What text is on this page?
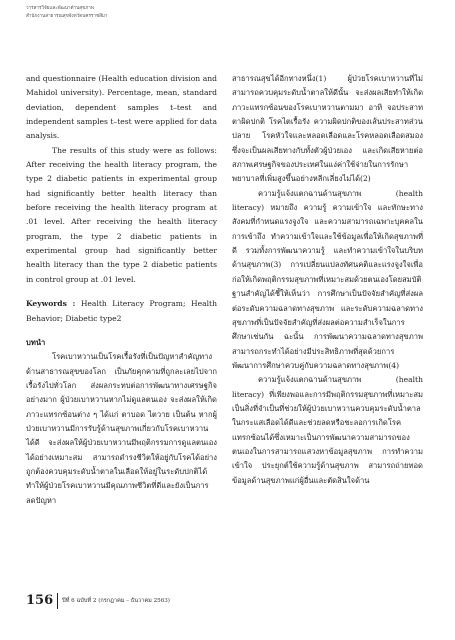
วารสารวิจัยและพัฒนาด้านสุขภาพ
สำนักงานสาธารณสุขจังหวัดนครราชสีมา

and questionnaire (Health education division and Mahidol university). Percentage, mean, standard deviation, dependent samples t–test and independent samples t–test were applied for data analysis.

The results of this study were as follows: After receiving the health literacy program, the type 2 diabetic patients in experimental group had significantly better health literacy than before receiving the health literacy program at .01 level. After receiving the health literacy program, the type 2 diabetic patients in experimental group had significantly better health literacy than the type 2 diabetic patients in control group at .01 level.

Keywords : Health Literacy Program; Health Behavior; Diabetic type2

บทนำ

โรคเบาหวานเป็นโรคเรื้อรังที่เป็นปัญหาสำคัญทางด้านสาธารณสุขของโลก เป็นภัยคุกคามที่ถูกละเลยไปจากเรื้อรังไปทั่วโลก ส่งผลกระทบต่อการพัฒนาทางเศรษฐกิจอย่างมาก ผู้ป่วยเบาหวานหากไม่ดูแลตนเอง จะส่งผลให้เกิดภาวะแทรกซ้อนต่าง ๆ ได้แก่ ตาบอด ไตวาย เป็นต้น หากผู้ป่วยเบาหวานมีการรับรู้ด้านสุขภาพเกี่ยวกับโรคเบาหวานได้ดี จะส่งผลให้ผู้ป่วยเบาหวานมีพฤติกรรมการดูแลตนเองได้อย่างเหมาะสม สามารถดำรงชีวิตให้อยู่กับโรคได้อย่างถูกต้องควบคุมระดับน้ำตาลในเลือดให้อยู่ในระดับปกติได้ ทำให้ผู้ป่วยโรคเบาหวานมีคุณภาพชีวิตที่ดีและยังเป็นการลดปัญหา

สาธารณสุขได้อีกทางหนึ่ง(1) ผู้ป่วยโรคเบาหวานที่ไม่สามารถควบคุมระดับน้ำตาลให้ดีนั้น จะส่งผลเสียทำให้เกิดภาวะแทรกซ้อนของโรคเบาหวานตามมา อาทิ จอประสาทตาผิดปกติ โรคไตเรื้อรัง ความผิดปกติของเส้นประสาทส่วนปลาย โรคหัวใจและหลอดเลือดและโรคหลอดเลือดสมอง ซึ่งจะเป็นผลเสียทางกับทั้งตัวผู้ป่วยเอง และเกิดเสียหายต่อสภาพเศรษฐกิจของประเทศในแง่ค่าใช้จ่ายในการรักษาพยาบาลที่เพิ่มสูงขึ้นอย่างหลีกเลี่ยงไม่ได้(2)

ความรู้แจ้งแตกฉานด้านสุขภาพ (health literacy) หมายถึง ความรู้ ความเข้าใจ และทักษะทางสังคมที่กำหนดแรงจูงใจ และความสามารถเฉพาะบุคคลใน การเข้าถึง ทำความเข้าใจและใช้ข้อมูลเพื่อให้เกิดสุขภาพที่ดี รวมทั้งการพัฒนาความรู้ และทำความเข้าใจในบริบทด้านสุขภาพ(3) การเปลี่ยนแปลงทัศนคติและแรงจูงใจเพื่อก่อให้เกิดพฤติกรรมสุขภาพที่เหมาะสมด้วยตนเองโดยสมบัติฐานสำคัญได้ชี้ให้เห็นว่า การศึกษาเป็นปัจจัยสำคัญที่ส่งผลต่อระดับความฉลาดทางสุขภาพ และระดับความฉลาดทางสุขภาพที่เป็นปัจจัยสำคัญที่ส่งผลต่อความสำเร็จในการศึกษาเช่นกัน ฉะนั้น การพัฒนาความฉลาดทางสุขภาพสามารถกระทำได้อย่างมีประสิทธิภาพที่สุดด้วยการพัฒนาการศึกษาควบคู่กับความฉลาดทางสุขภาพ(4)

ความรู้แจ้งแตกฉานด้านสุขภาพ (health literacy) ที่เพียงพอและการมีพฤติกรรมสุขภาพที่เหมาะสมเป็นสิ่งที่จำเป็นที่ช่วยให้ผู้ป่วยเบาหวานควบคุมระดับน้ำตาลในกระแสเลือดได้ดีและช่วยลดหรือชะลอการเกิดโรคแทรกซ้อนได้ซึ่งเหมาะเป็นการพัฒนาความสามารถของตนเองในการสามารถแสวงหาข้อมูลสุขภาพ การทำความเข้าใจ ประยุกต์ใช้ความรู้ด้านสุขภาพ สามารถถ่ายทอดข้อมูลด้านสุขภาพแก่ผู้อื่นและตัดสินใจด้าน

156	ปีที่ 6 ฉบับที่ 2 (กรกฎาคม – ธันวาคม 2563)
